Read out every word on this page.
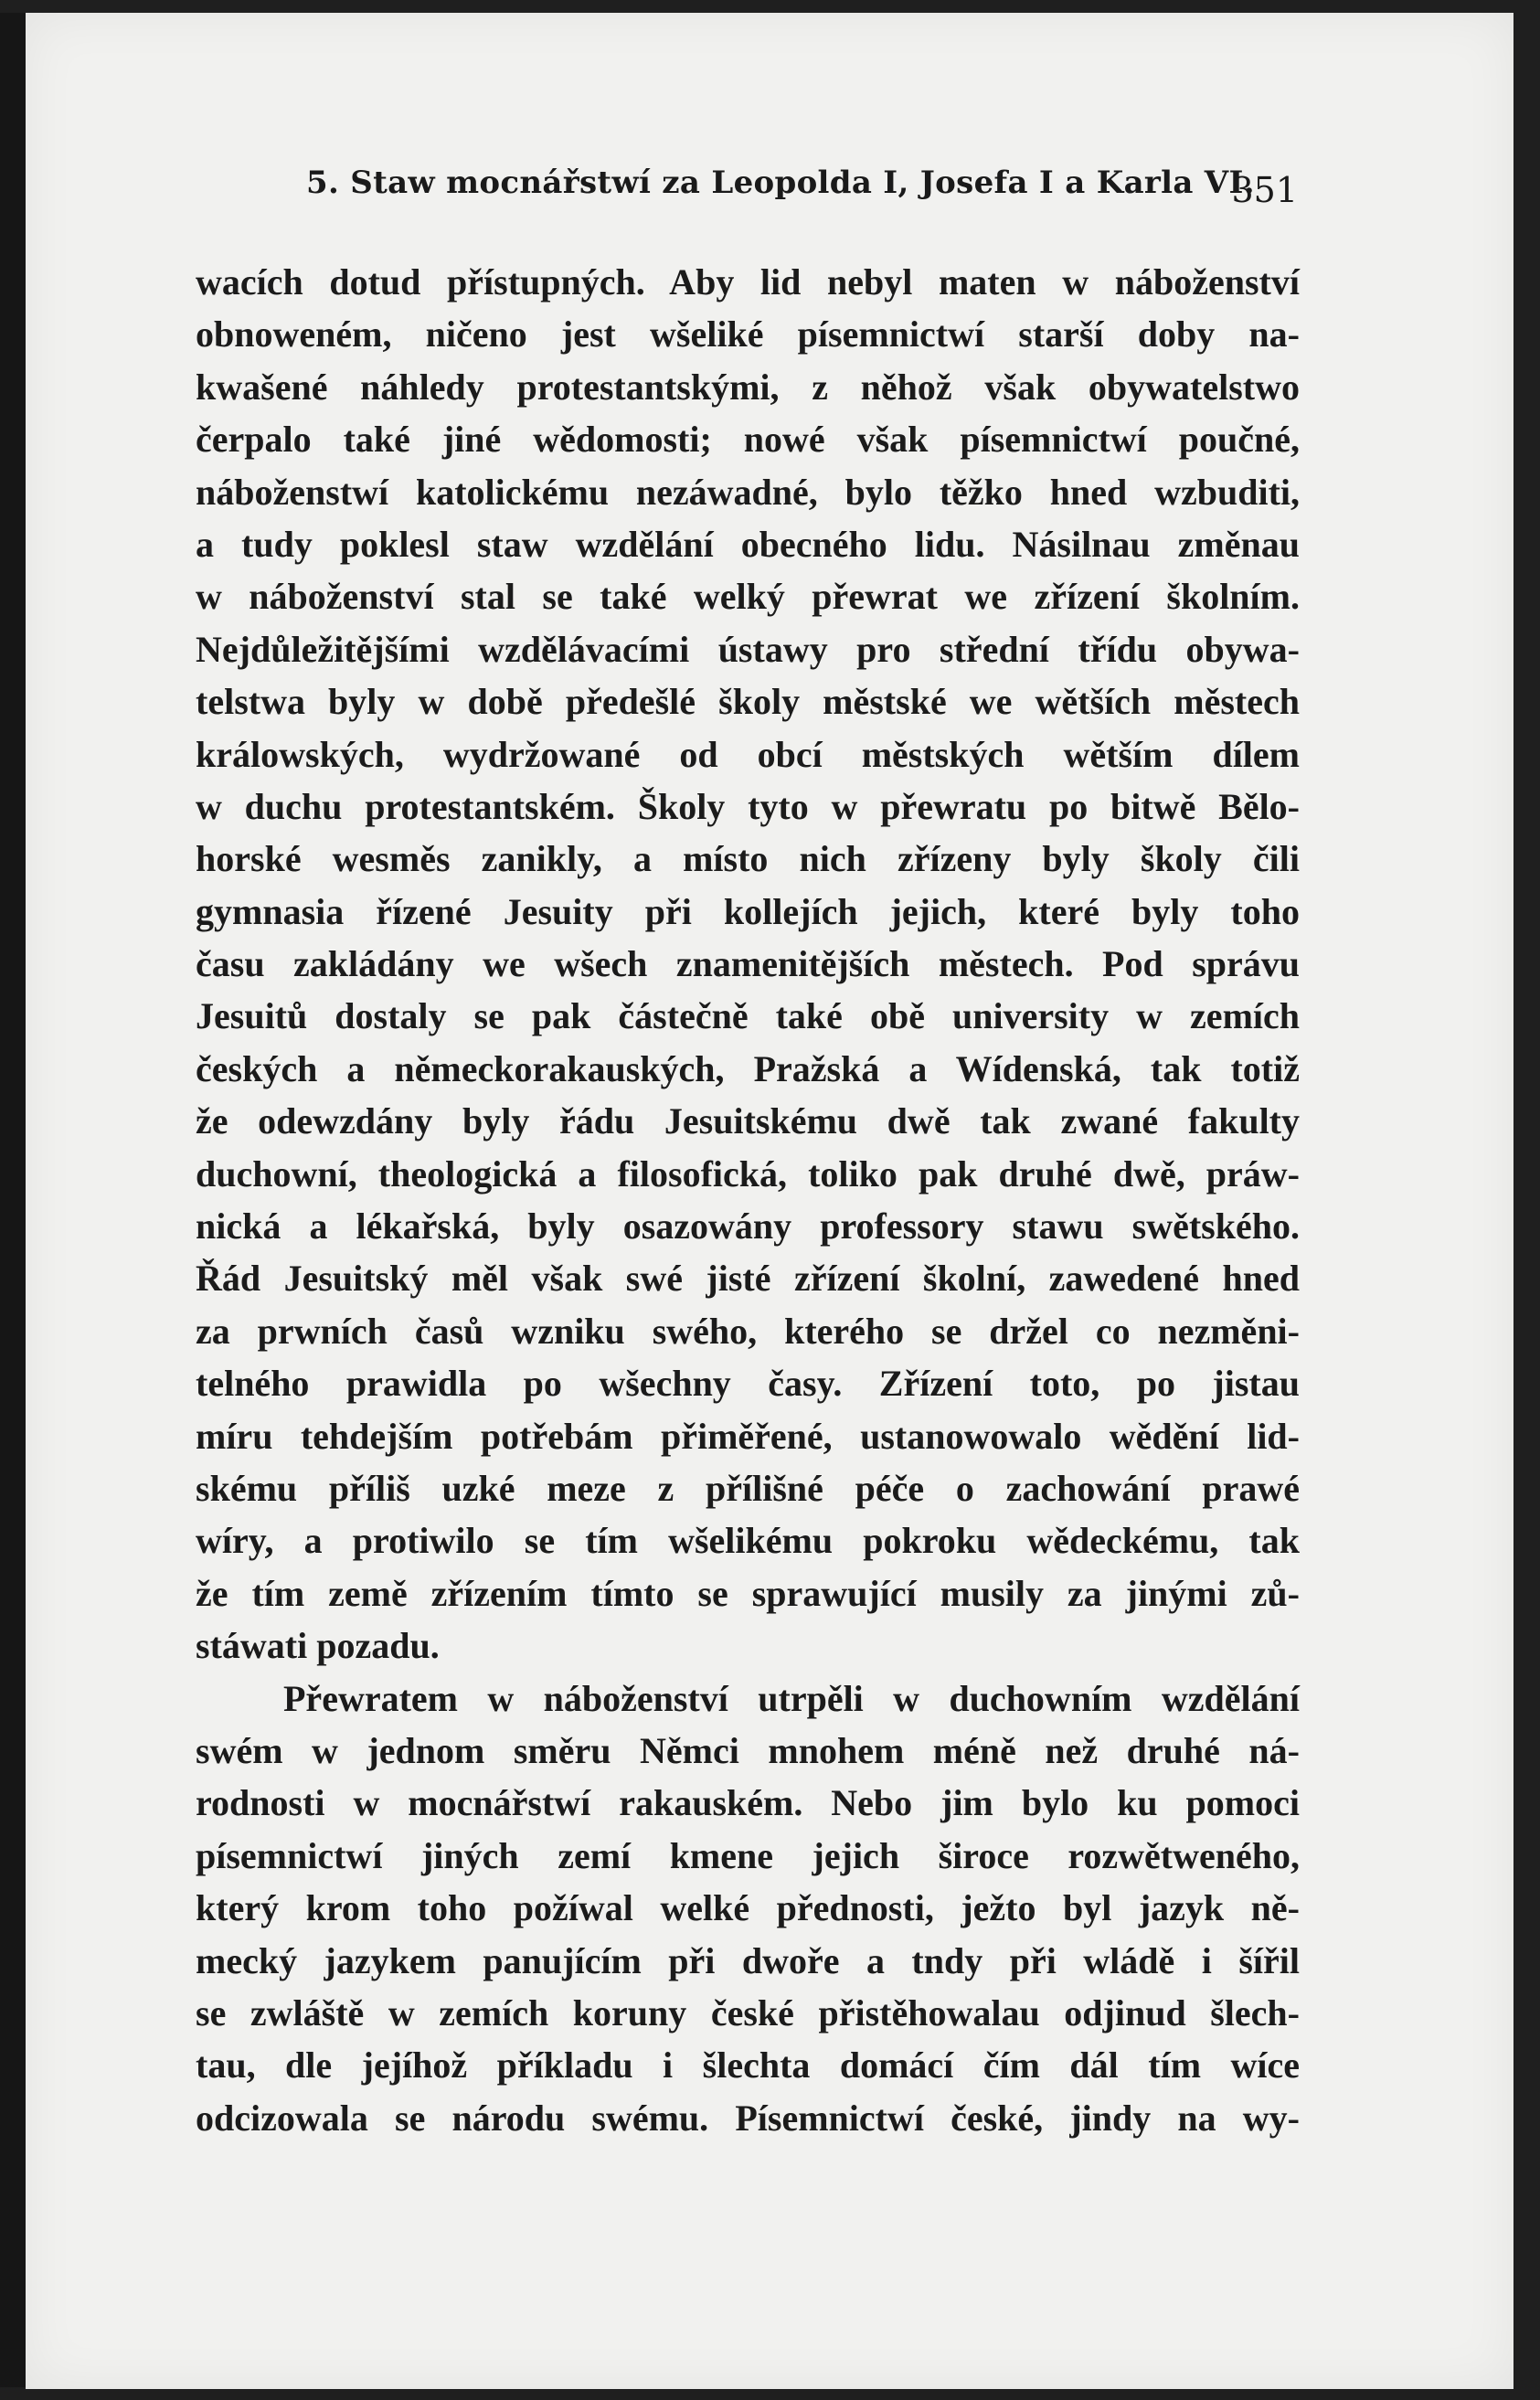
5. Staw mocnářstwí za Leopolda I, Josefa I a Karla VI.
351
wacích dotud přístupných. Aby lid nebyl maten w náboženství
obnoweném, ničeno jest wšeliké písemnictwí starší doby na-
kwašené náhledy protestantskými, z něhož však obywatelstwo
čerpalo také jiné wědomosti; nowé však písemnictwí poučné,
náboženstwí katolickému nezáwadné, bylo těžko hned wzbuditi,
a tudy poklesl staw wzdělání obecného lidu. Násilnau změnau
w náboženství stal se také welký přewrat we zřízení školním.
Nejdůležitějšími wzdělávacími ústawy pro střední třídu obywa-
telstwa byly w době předešlé školy městské we wětších městech
králowských, wydržowané od obcí městských wětším dílem
w duchu protestantském. Školy tyto w přewratu po bitwě Bělo-
horské wesměs zanikly, a místo nich zřízeny byly školy čili
gymnasia řízené Jesuity při kollejích jejich, které byly toho
času zakládány we wšech znamenitějších městech. Pod správu
Jesuitů dostaly se pak částečně také obě university w zemích
českých a německorakauských, Pražská a Wídenská, tak totiž
že odewzdány byly řádu Jesuitskému dwě tak zwané fakulty
duchowní, theologická a filosofická, toliko pak druhé dwě, práw-
nická a lékařská, byly osazowány professory stawu swětského.
Řád Jesuitský měl však swé jisté zřízení školní, zawedené hned
za prwních časů wzniku swého, kterého se držel co nezměni-
telného prawidla po wšechny časy. Zřízení toto, po jistau
míru tehdejším potřebám přiměřené, ustanowowalo wědění lid-
skému příliš uzké meze z přílišné péče o zachowání prawé
wíry, a protiwilo se tím wšelikému pokroku wědeckému, tak
že tím země zřízením tímto se sprawující musily za jinými zů-
stáwati pozadu.
Přewratem w náboženství utrpěli w duchowním wzdělání
swém w jednom směru Němci mnohem méně než druhé ná-
rodnosti w mocnářstwí rakauském. Nebo jim bylo ku pomoci
písemnictwí jiných zemí kmene jejich široce rozwětweného,
který krom toho požíwal welké přednosti, ježto byl jazyk ně-
mecký jazykem panujícím při dwoře a tndy při wládě i šířil
se zwláště w zemích koruny české přistěhowalau odjinud šlech-
tau, dle jejíhož příkladu i šlechta domácí čím dál tím wíce
odcizowala se národu swému. Písemnictwí české, jindy na wy-
